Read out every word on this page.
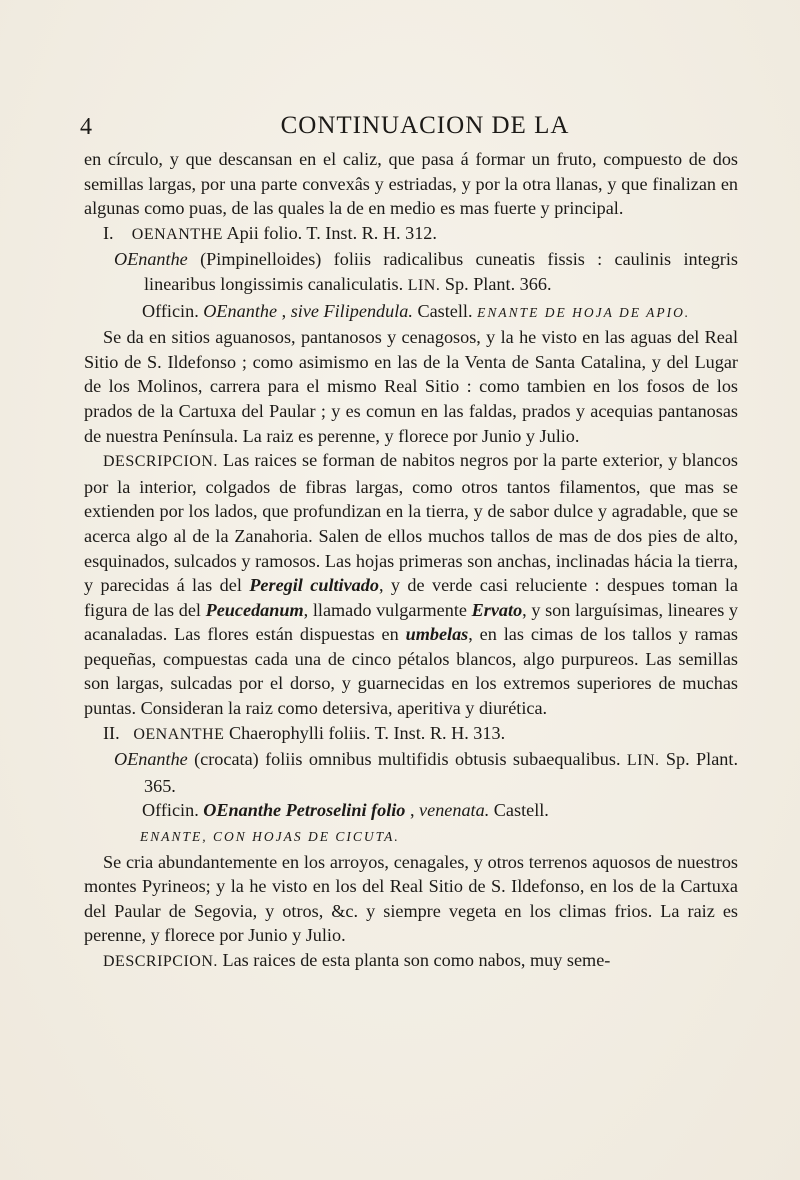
4	CONTINUACION DE LA

en círculo, y que descansan en el caliz, que pasa á formar un fruto, compuesto de dos semillas largas, por una parte convexâs y estriadas, y por la otra llanas, y que finalizan en algunas como puas, de las quales la de en medio es mas fuerte y principal.

I. OENANTHE Apii folio. T. Inst. R. H. 312.

OEnanthe (Pimpinelloides) foliis radicalibus cuneatis fissis : caulinis integris linearibus longissimis canaliculatis. LIN. Sp. Plant. 366.

Officin. OEnanthe , sive Filipendula. Castell. ENANTE DE HOJA DE APIO.

Se da en sitios aguanosos, pantanosos y cenagosos, y la he visto en las aguas del Real Sitio de S. Ildefonso ; como asimismo en las de la Venta de Santa Catalina, y del Lugar de los Molinos, carrera para el mismo Real Sitio : como tambien en los fosos de los prados de la Cartuxa del Paular ; y es comun en las faldas, prados y acequias pantanosas de nuestra Península. La raiz es perenne, y florece por Junio y Julio.

DESCRIPCION. Las raices se forman de nabitos negros por la parte exterior, y blancos por la interior, colgados de fibras largas, como otros tantos filamentos, que mas se extienden por los lados, que profundizan en la tierra, y de sabor dulce y agradable, que se acerca algo al de la Zanahoria. Salen de ellos muchos tallos de mas de dos pies de alto, esquinados, sulcados y ramosos. Las hojas primeras son anchas, inclinadas hácia la tierra, y parecidas á las del Peregil cultivado, y de verde casi reluciente : despues toman la figura de las del Peucedanum, llamado vulgarmente Ervato, y son larguísimas, lineares y acanaladas. Las flores están dispuestas en umbelas, en las cimas de los tallos y ramas pequeñas, compuestas cada una de cinco pétalos blancos, algo purpureos. Las semillas son largas, sulcadas por el dorso, y guarnecidas en los extremos superiores de muchas puntas. Consideran la raiz como detersiva, aperitiva y diurética.

II. OENANTHE Chaerophylli foliis. T. Inst. R. H. 313.

OEnanthe (crocata) foliis omnibus multifidis obtusis subaequalibus. LIN. Sp. Plant. 365.

Officin. OEnanthe Petroselini folio , venenata. Castell.

ENANTE, CON HOJAS DE CICUTA.

Se cria abundantemente en los arroyos, cenagales, y otros terrenos aquosos de nuestros montes Pyrineos; y la he visto en los del Real Sitio de S. Ildefonso, en los de la Cartuxa del Paular de Segovia, y otros, &c. y siempre vegeta en los climas frios. La raiz es perenne, y florece por Junio y Julio.

DESCRIPCION. Las raices de esta planta son como nabos, muy seme-
